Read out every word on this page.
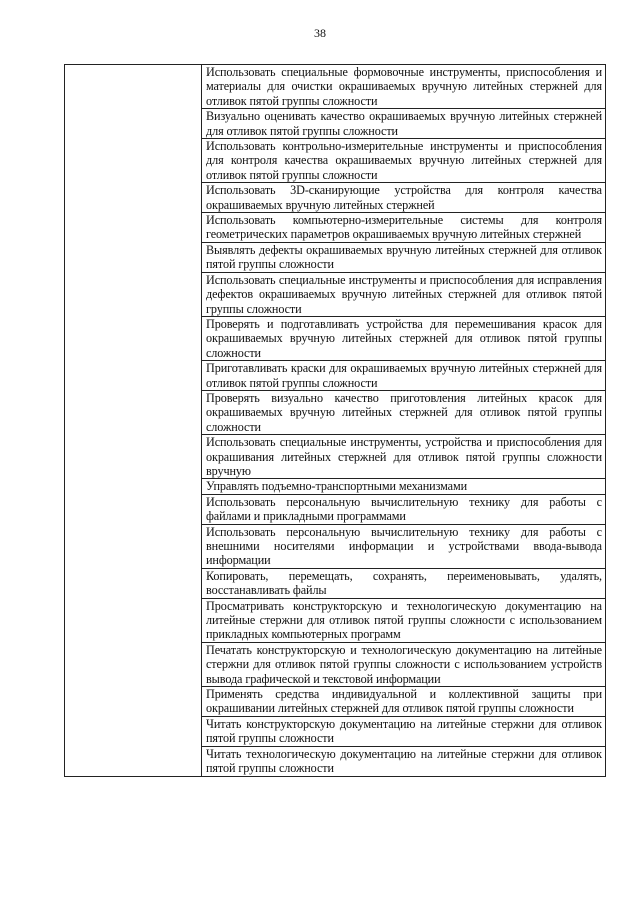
38

Использовать специальные формовочные инструменты, приспособления и материалы для очистки окрашиваемых вручную литейных стержней для отливок пятой группы сложности

Визуально оценивать качество окрашиваемых вручную литейных стержней для отливок пятой группы сложности

Использовать контрольно-измерительные инструменты и приспособления для контроля качества окрашиваемых вручную литейных стержней для отливок пятой группы сложности

Использовать 3D-сканирующие устройства для контроля качества окрашиваемых вручную литейных стержней

Использовать компьютерно-измерительные системы для контроля геометрических параметров окрашиваемых вручную литейных стержней

Выявлять дефекты окрашиваемых вручную литейных стержней для отливок пятой группы сложности

Использовать специальные инструменты и приспособления для исправления дефектов окрашиваемых вручную литейных стержней для отливок пятой группы сложности

Проверять и подготавливать устройства для перемешивания красок для окрашиваемых вручную литейных стержней для отливок пятой группы сложности

Приготавливать краски для окрашиваемых вручную литейных стержней для отливок пятой группы сложности

Проверять визуально качество приготовления литейных красок для окрашиваемых вручную литейных стержней для отливок пятой группы сложности

Использовать специальные инструменты, устройства и приспособления для окрашивания литейных стержней для отливок пятой группы сложности вручную

Управлять подъемно-транспортными механизмами

Использовать персональную вычислительную технику для работы с файлами и прикладными программами

Использовать персональную вычислительную технику для работы с внешними носителями информации и устройствами ввода-вывода информации

Копировать, перемещать, сохранять, переименовывать, удалять, восстанавливать файлы

Просматривать конструкторскую и технологическую документацию на литейные стержни для отливок пятой группы сложности с использованием прикладных компьютерных программ

Печатать конструкторскую и технологическую документацию на литейные стержни для отливок пятой группы сложности с использованием устройств вывода графической и текстовой информации

Применять средства индивидуальной и коллективной защиты при окрашивании литейных стержней для отливок пятой группы сложности

Читать конструкторскую документацию на литейные стержни для отливок пятой группы сложности

Читать технологическую документацию на литейные стержни для отливок пятой группы сложности
